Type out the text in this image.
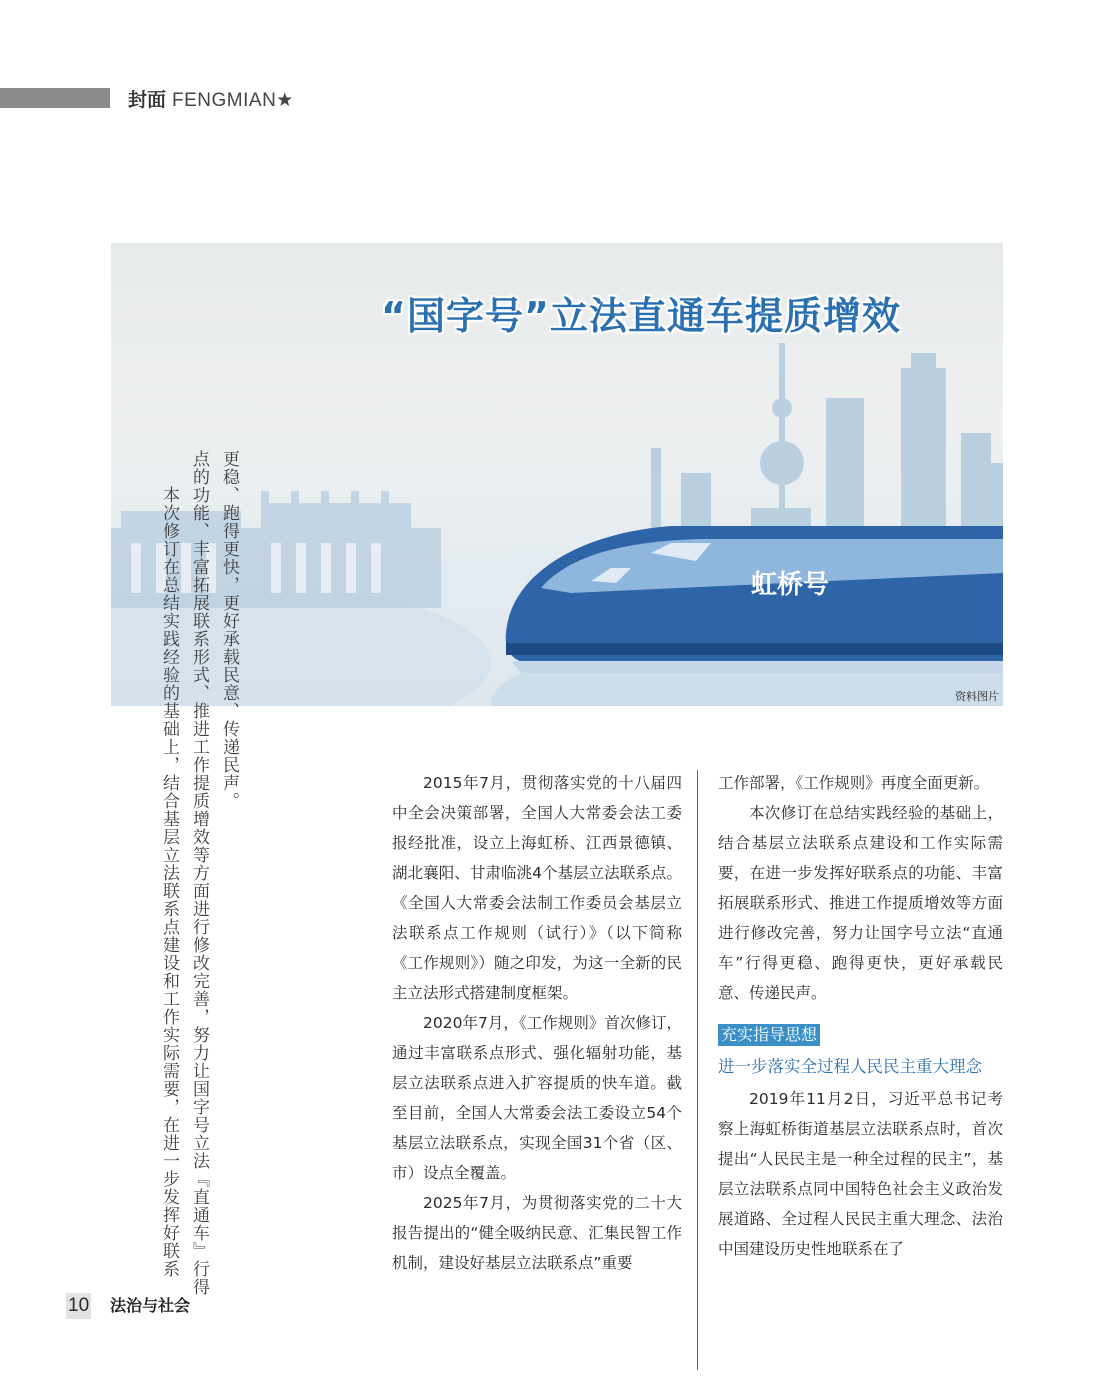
封面 FENGMIAN★
虹桥号
“国字号”立法直通车提质增效
资料图片
本次修订在总结实践经验的基础上，结合基层立法联系点建设和工作实际需要，在进一步发挥好联系 点的功能、丰富拓展联系形式、推进工作提质增效等方面进行修改完善，努力让国字号立法『直通车』行得 更稳、跑得更快，更好承载民意、传递民声。	2015年7月，贯彻落实党的十八届四中全会决策部署，全国人大常委会法工委报经批准，设立上海虹桥、江西景德镇、湖北襄阳、甘肃临洮4个基层立法联系点。《全国人大常委会法制工作委员会基层立法联系点工作规则（试行）》（以下简称《工作规则》）随之印发，为这一全新的民主立法形式搭建制度框架。

2020年7月，《工作规则》首次修订，通过丰富联系点形式、强化辐射功能，基层立法联系点进入扩容提质的快车道。截至目前，全国人大常委会法工委设立54个基层立法联系点，实现全国31个省（区、市）设点全覆盖。

2025年7月，为贯彻落实党的二十大报告提出的“健全吸纳民意、汇集民智工作机制，建设好基层立法联系点”重要

工作部署，《工作规则》再度全面更新。

本次修订在总结实践经验的基础上，结合基层立法联系点建设和工作实际需要，在进一步发挥好联系点的功能、丰富拓展联系形式、推进工作提质增效等方面进行修改完善，努力让国字号立法“直通车”行得更稳、跑得更快，更好承载民意、传递民声。

充实指导思想
进一步落实全过程人民民主重大理念

2019年11月2日，习近平总书记考察上海虹桥街道基层立法联系点时，首次提出“人民民主是一种全过程的民主”，基层立法联系点同中国特色社会主义政治发展道路、全过程人民民主重大理念、法治中国建设历史性地联系在了

10 法治与社会
